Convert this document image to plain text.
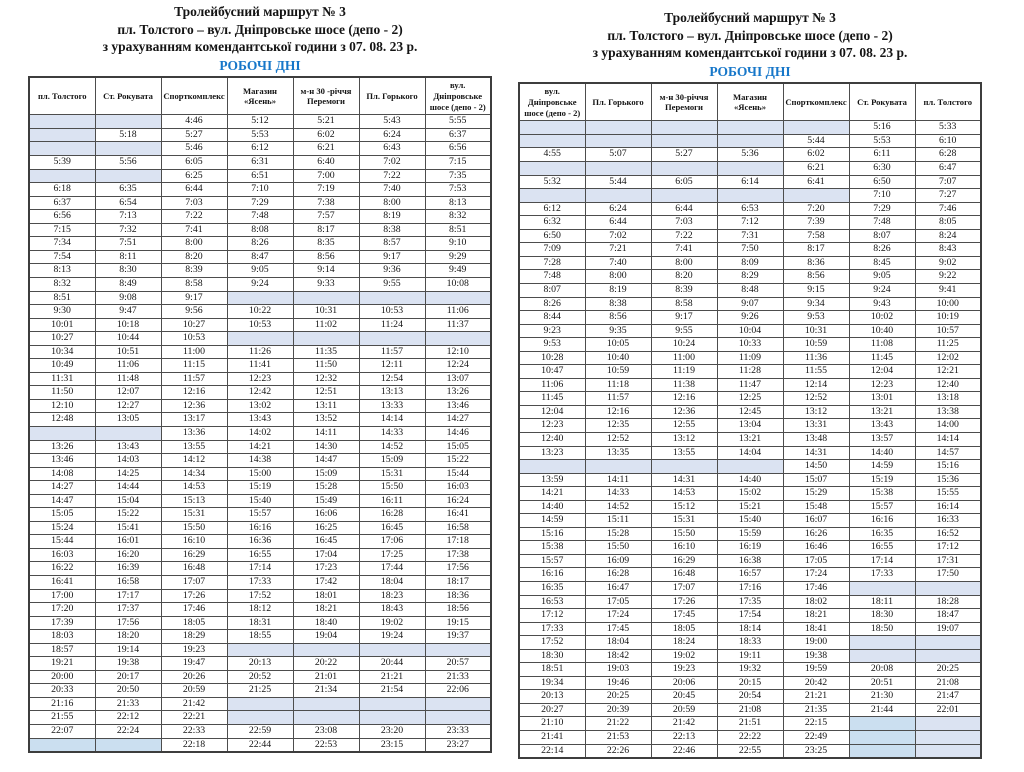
Тролейбусний маршрут № 3
пл. Толстого – вул. Дніпровське шосе (депо - 2)
з урахуванням комендантської години з 07. 08. 23 р.
РОБОЧІ ДНІ
пл. Толстого	Ст. Рокувата	Спорткомплекс	Магазин «Ясень»	м-н 30 -річчя Перемоги	Пл. Горького	вул. Дніпровське шосе (депо - 2)
		4:46	5:12	5:21	5:43	5:55
	5:18	5:27	5:53	6:02	6:24	6:37
		5:46	6:12	6:21	6:43	6:56
5:39	5:56	6:05	6:31	6:40	7:02	7:15
		6:25	6:51	7:00	7:22	7:35
6:18	6:35	6:44	7:10	7:19	7:40	7:53
6:37	6:54	7:03	7:29	7:38	8:00	8:13
6:56	7:13	7:22	7:48	7:57	8:19	8:32
7:15	7:32	7:41	8:08	8:17	8:38	8:51
7:34	7:51	8:00	8:26	8:35	8:57	9:10
7:54	8:11	8:20	8:47	8:56	9:17	9:29
8:13	8:30	8:39	9:05	9:14	9:36	9:49
8:32	8:49	8:58	9:24	9:33	9:55	10:08
8:51	9:08	9:17				
9:30	9:47	9:56	10:22	10:31	10:53	11:06
10:01	10:18	10:27	10:53	11:02	11:24	11:37
10:27	10:44	10:53				
10:34	10:51	11:00	11:26	11:35	11:57	12:10
10:49	11:06	11:15	11:41	11:50	12:11	12:24
11:31	11:48	11:57	12:23	12:32	12:54	13:07
11:50	12:07	12:16	12:42	12:51	13:13	13:26
12:10	12:27	12:36	13:02	13:11	13:33	13:46
12:48	13:05	13:17	13:43	13:52	14:14	14:27
		13:36	14:02	14:11	14:33	14:46
13:26	13:43	13:55	14:21	14:30	14:52	15:05
13:46	14:03	14:12	14:38	14:47	15:09	15:22
14:08	14:25	14:34	15:00	15:09	15:31	15:44
14:27	14:44	14:53	15:19	15:28	15:50	16:03
14:47	15:04	15:13	15:40	15:49	16:11	16:24
15:05	15:22	15:31	15:57	16:06	16:28	16:41
15:24	15:41	15:50	16:16	16:25	16:45	16:58
15:44	16:01	16:10	16:36	16:45	17:06	17:18
16:03	16:20	16:29	16:55	17:04	17:25	17:38
16:22	16:39	16:48	17:14	17:23	17:44	17:56
16:41	16:58	17:07	17:33	17:42	18:04	18:17
17:00	17:17	17:26	17:52	18:01	18:23	18:36
17:20	17:37	17:46	18:12	18:21	18:43	18:56
17:39	17:56	18:05	18:31	18:40	19:02	19:15
18:03	18:20	18:29	18:55	19:04	19:24	19:37
18:57	19:14	19:23				
19:21	19:38	19:47	20:13	20:22	20:44	20:57
20:00	20:17	20:26	20:52	21:01	21:21	21:33
20:33	20:50	20:59	21:25	21:34	21:54	22:06
21:16	21:33	21:42				
21:55	22:12	22:21				
22:07	22:24	22:33	22:59	23:08	23:20	23:33
		22:18	22:44	22:53	23:15	23:27
Тролейбусний маршрут № 3
пл. Толстого – вул. Дніпровське шосе (депо - 2)
з урахуванням комендантської години з 07. 08. 23 р.
РОБОЧІ ДНІ
вул. Дніпровське шосе (депо - 2)	Пл. Горького	м-н 30-річчя Перемоги	Магазин «Ясень»	Спорткомплекс	Ст. Рокувата	пл. Толстого
					5:16	5:33
				5:44	5:53	6:10
4:55	5:07	5:27	5:36	6:02	6:11	6:28
				6:21	6:30	6:47
5:32	5:44	6:05	6:14	6:41	6:50	7:07
					7:10	7:27
6:12	6:24	6:44	6:53	7:20	7:29	7:46
6:32	6:44	7:03	7:12	7:39	7:48	8:05
6:50	7:02	7:22	7:31	7:58	8:07	8:24
7:09	7:21	7:41	7:50	8:17	8:26	8:43
7:28	7:40	8:00	8:09	8:36	8:45	9:02
7:48	8:00	8:20	8:29	8:56	9:05	9:22
8:07	8:19	8:39	8:48	9:15	9:24	9:41
8:26	8:38	8:58	9:07	9:34	9:43	10:00
8:44	8:56	9:17	9:26	9:53	10:02	10:19
9:23	9:35	9:55	10:04	10:31	10:40	10:57
9:53	10:05	10:24	10:33	10:59	11:08	11:25
10:28	10:40	11:00	11:09	11:36	11:45	12:02
10:47	10:59	11:19	11:28	11:55	12:04	12:21
11:06	11:18	11:38	11:47	12:14	12:23	12:40
11:45	11:57	12:16	12:25	12:52	13:01	13:18
12:04	12:16	12:36	12:45	13:12	13:21	13:38
12:23	12:35	12:55	13:04	13:31	13:43	14:00
12:40	12:52	13:12	13:21	13:48	13:57	14:14
13:23	13:35	13:55	14:04	14:31	14:40	14:57
				14:50	14:59	15:16
13:59	14:11	14:31	14:40	15:07	15:19	15:36
14:21	14:33	14:53	15:02	15:29	15:38	15:55
14:40	14:52	15:12	15:21	15:48	15:57	16:14
14:59	15:11	15:31	15:40	16:07	16:16	16:33
15:16	15:28	15:50	15:59	16:26	16:35	16:52
15:38	15:50	16:10	16:19	16:46	16:55	17:12
15:57	16:09	16:29	16:38	17:05	17:14	17:31
16:16	16:28	16:48	16:57	17:24	17:33	17:50
16:35	16:47	17:07	17:16	17:46		
16:53	17:05	17:26	17:35	18:02	18:11	18:28
17:12	17:24	17:45	17:54	18:21	18:30	18:47
17:33	17:45	18:05	18:14	18:41	18:50	19:07
17:52	18:04	18:24	18:33	19:00		
18:30	18:42	19:02	19:11	19:38		
18:51	19:03	19:23	19:32	19:59	20:08	20:25
19:34	19:46	20:06	20:15	20:42	20:51	21:08
20:13	20:25	20:45	20:54	21:21	21:30	21:47
20:27	20:39	20:59	21:08	21:35	21:44	22:01
21:10	21:22	21:42	21:51	22:15		
21:41	21:53	22:13	22:22	22:49		
22:14	22:26	22:46	22:55	23:25		
